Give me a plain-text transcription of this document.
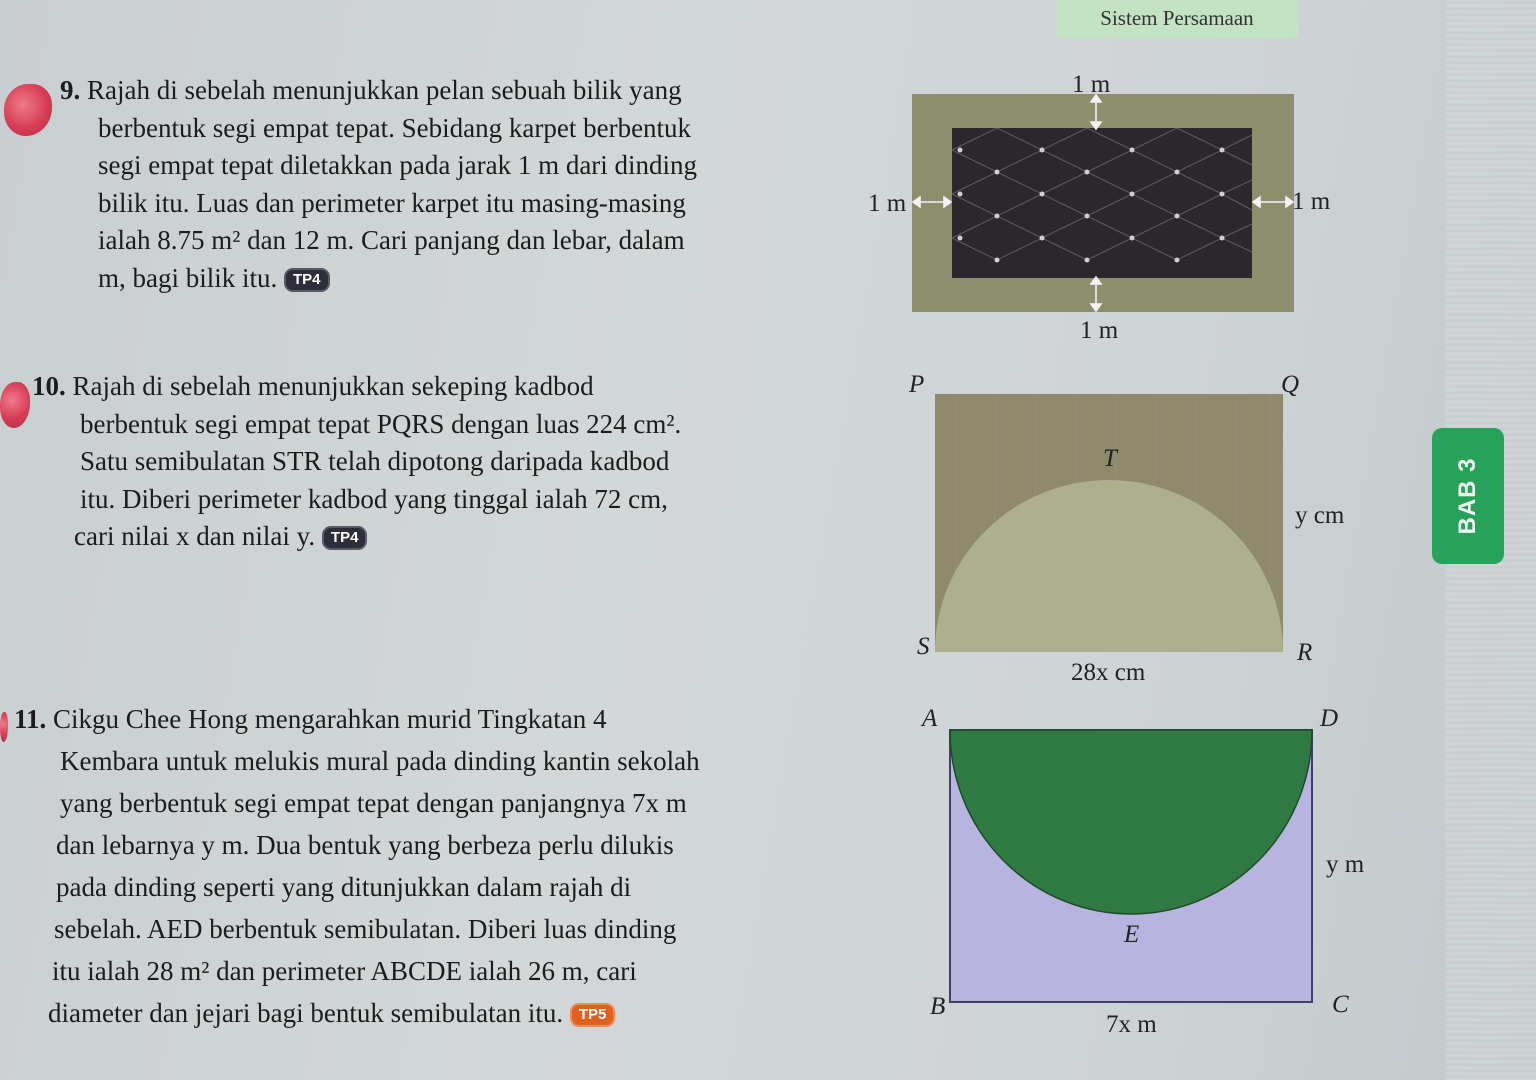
Sistem Persamaan
9. Rajah di sebelah menunjukkan pelan sebuah bilik yang
berbentuk segi empat tepat. Sebidang karpet berbentuk
segi empat tepat diletakkan pada jarak 1 m dari dinding
bilik itu. Luas dan perimeter karpet itu masing-masing
ialah 8.75 m² dan 12 m. Cari panjang dan lebar, dalam
m, bagi bilik itu. TP4
1 m
1 m
1 m	1 m
10. Rajah di sebelah menunjukkan sekeping kadbod
berbentuk segi empat tepat PQRS dengan luas 224 cm².
Satu semibulatan STR telah dipotong daripada kadbod
itu. Diberi perimeter kadbod yang tinggal ialah 72 cm,
cari nilai x dan nilai y. TP4
P	Q
T
S	R
y cm
28x cm
11. Cikgu Chee Hong mengarahkan murid Tingkatan 4
Kembara untuk melukis mural pada dinding kantin sekolah
yang berbentuk segi empat tepat dengan panjangnya 7x m
dan lebarnya y m. Dua bentuk yang berbeza perlu dilukis
pada dinding seperti yang ditunjukkan dalam rajah di
sebelah. AED berbentuk semibulatan. Diberi luas dinding
itu ialah 28 m² dan perimeter ABCDE ialah 26 m, cari
diameter dan jejari bagi bentuk semibulatan itu. TP5
A	D
E
B	C
y m
7x m
BAB 3
